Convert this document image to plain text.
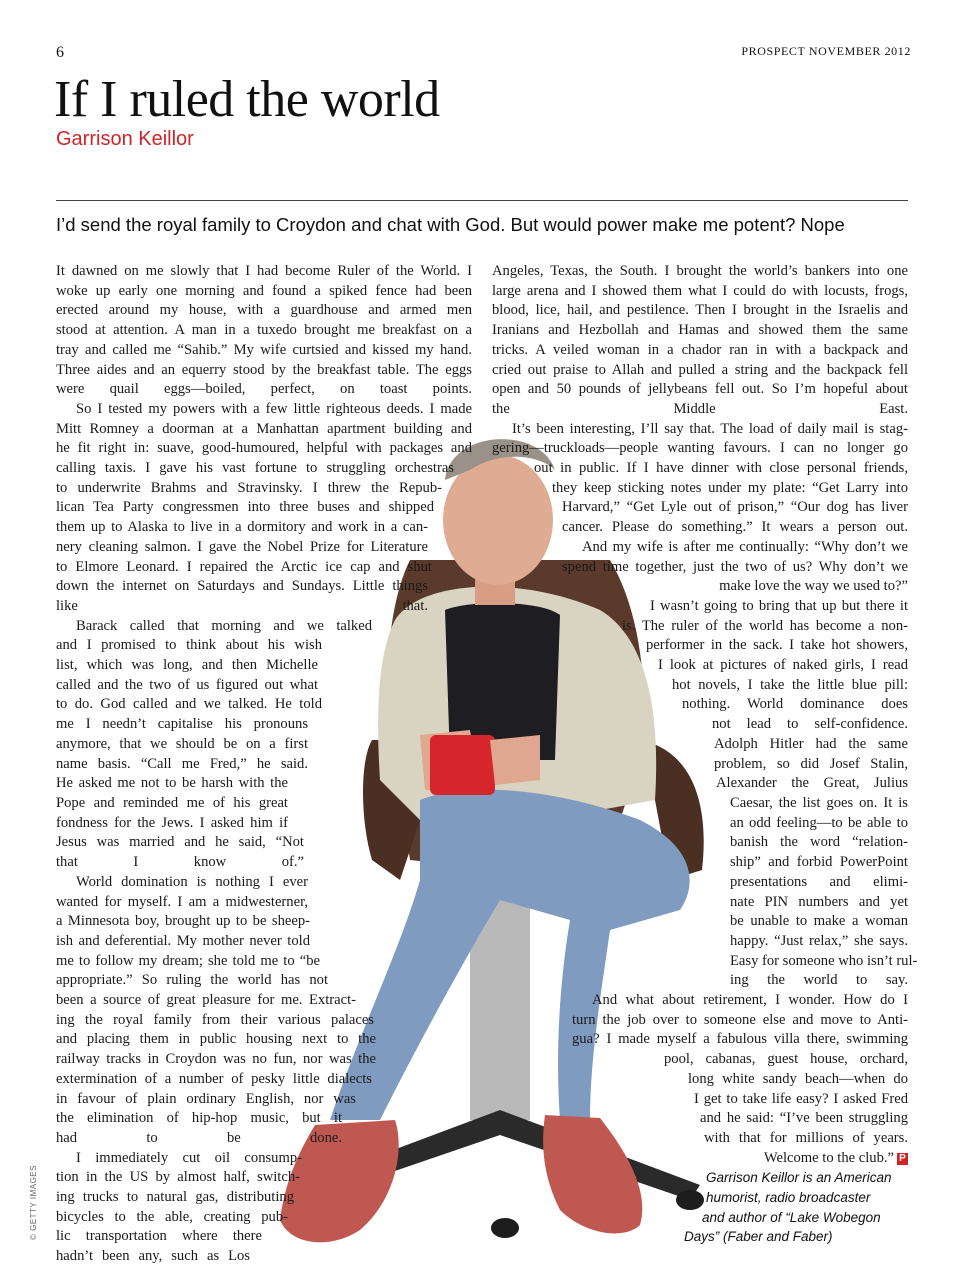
6	PROSPECT NOVEMBER 2012
If I ruled the world
Garrison Keillor
I’d send the royal family to Croydon and chat with God. But would power make me potent? Nope
© GETTY IMAGES
It dawned on me slowly that I had become Ruler of the World. I
woke up early one morning and found a spiked fence had been
erected around my house, with a guardhouse and armed men
stood at attention. A man in a tuxedo brought me breakfast on a
tray and called me “Sahib.” My wife curtsied and kissed my hand.
Three aides and an equerry stood by the breakfast table. The eggs
were quail eggs—boiled, perfect, on toast points.
So I tested my powers with a few little righteous deeds. I made
Mitt Romney a doorman at a Manhattan apartment building and
he fit right in: suave, good-humoured, helpful with packages and
calling taxis. I gave his vast fortune to struggling orchestras
to underwrite Brahms and Stravinsky. I threw the Repub-
lican Tea Party congressmen into three buses and shipped
them up to Alaska to live in a dormitory and work in a can-
nery cleaning salmon. I gave the Nobel Prize for Literature
to Elmore Leonard. I repaired the Arctic ice cap and shut
down the internet on Saturdays and Sundays. Little things
like that.
Barack called that morning and we talked
and I promised to think about his wish
list, which was long, and then Michelle
called and the two of us figured out what
to do. God called and we talked. He told
me I needn’t capitalise his pronouns
anymore, that we should be on a first
name basis. “Call me Fred,” he said.
He asked me not to be harsh with the
Pope and reminded me of his great
fondness for the Jews. I asked him if
Jesus was married and he said, “Not
that I know of.”
World domination is nothing I ever
wanted for myself. I am a midwesterner,
a Minnesota boy, brought up to be sheep-
ish and deferential. My mother never told
me to follow my dream; she told me to “be
appropriate.” So ruling the world has not
been a source of great pleasure for me. Extract-
ing the royal family from their various palaces
and placing them in public housing next to the
railway tracks in Croydon was no fun, nor was the
extermination of a number of pesky little dialects
in favour of plain ordinary English, nor was
the elimination of hip-hop music, but it
had to be done.
I immediately cut oil consump-
tion in the US by almost half, switch-
ing trucks to natural gas, distributing
bicycles to the able, creating pub-
lic transportation where there
hadn’t been any, such as Los
Angeles, Texas, the South. I brought the world’s bankers into one
large arena and I showed them what I could do with locusts, frogs,
blood, lice, hail, and pestilence. Then I brought in the Israelis and
Iranians and Hezbollah and Hamas and showed them the same
tricks. A veiled woman in a chador ran in with a backpack and
cried out praise to Allah and pulled a string and the backpack fell
open and 50 pounds of jellybeans fell out. So I’m hopeful about
the Middle East.
It’s been interesting, I’ll say that. The load of daily mail is stag-
gering—truckloads—people wanting favours. I can no longer go
out in public. If I have dinner with close personal friends,
they keep sticking notes under my plate: “Get Larry into
Harvard,” “Get Lyle out of prison,” “Our dog has liver
cancer. Please do something.” It wears a person out.
And my wife is after me continually: “Why don’t we
spend time together, just the two of us? Why don’t we
make love the way we used to?”
I wasn’t going to bring that up but there it
is. The ruler of the world has become a non-
performer in the sack. I take hot showers,
I look at pictures of naked girls, I read
hot novels, I take the little blue pill:
nothing. World dominance does
not lead to self-confidence.
Adolph Hitler had the same
problem, so did Josef Stalin,
Alexander the Great, Julius
Caesar, the list goes on. It is
an odd feeling—to be able to
banish the word “relation-
ship” and forbid PowerPoint
presentations and elimi-
nate PIN numbers and yet
be unable to make a woman
happy. “Just relax,” she says.
Easy for someone who isn’t rul-
ing the world to say.
And what about retirement, I wonder. How do I
turn the job over to someone else and move to Anti-
gua? I made myself a fabulous villa there, swimming
pool, cabanas, guest house, orchard,
long white sandy beach—when do
I get to take life easy? I asked Fred
and he said: “I’ve been struggling
with that for millions of years.
Welcome to the club.” P
Garrison Keillor is an American
humorist, radio broadcaster
and author of “Lake Wobegon
Days” (Faber and Faber)
